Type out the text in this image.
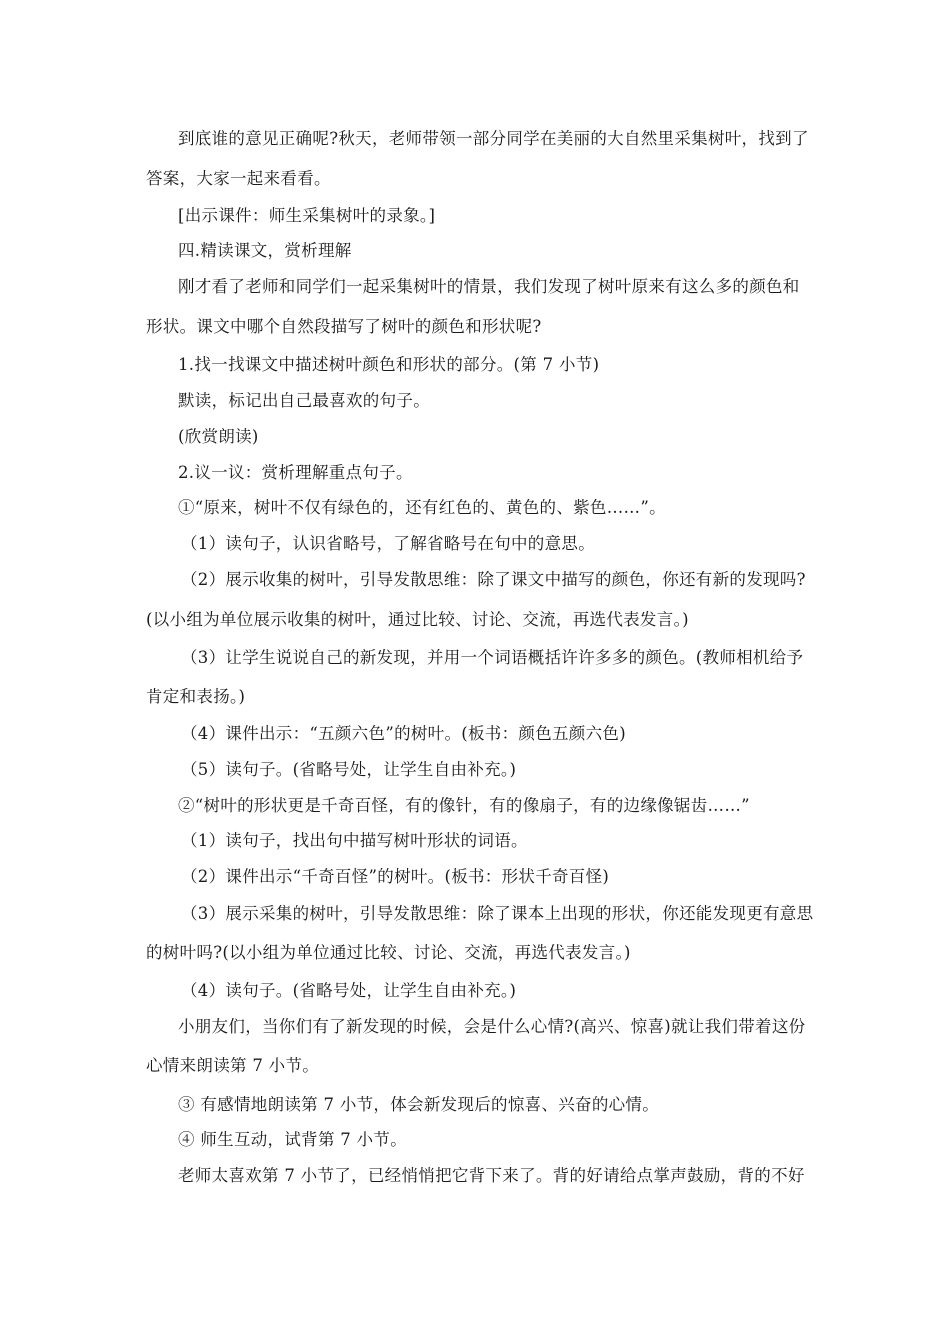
到底谁的意见正确呢?秋天，老师带领一部分同学在美丽的大自然里采集树叶，找到了
答案，大家一起来看看。
[出示课件：师生采集树叶的录象。]
四.精读课文，赏析理解
刚才看了老师和同学们一起采集树叶的情景，我们发现了树叶原来有这么多的颜色和
形状。课文中哪个自然段描写了树叶的颜色和形状呢?
1.找一找课文中描述树叶颜色和形状的部分。(第 7 小节)
默读，标记出自己最喜欢的句子。
(欣赏朗读)
2.议一议：赏析理解重点句子。
①“原来，树叶不仅有绿色的，还有红色的、黄色的、紫色……”。
（1）读句子，认识省略号，了解省略号在句中的意思。
（2）展示收集的树叶，引导发散思维：除了课文中描写的颜色，你还有新的发现吗?
(以小组为单位展示收集的树叶，通过比较、讨论、交流，再选代表发言。)
（3）让学生说说自己的新发现，并用一个词语概括许许多多的颜色。(教师相机给予
肯定和表扬。)
（4）课件出示：“五颜六色”的树叶。(板书：颜色五颜六色)
（5）读句子。(省略号处，让学生自由补充。)
②“树叶的形状更是千奇百怪，有的像针，有的像扇子，有的边缘像锯齿……”
（1）读句子，找出句中描写树叶形状的词语。
（2）课件出示“千奇百怪”的树叶。(板书：形状千奇百怪)
（3）展示采集的树叶，引导发散思维：除了课本上出现的形状，你还能发现更有意思
的树叶吗?(以小组为单位通过比较、讨论、交流，再选代表发言。)
（4）读句子。(省略号处，让学生自由补充。)
小朋友们，当你们有了新发现的时候，会是什么心情?(高兴、惊喜)就让我们带着这份
心情来朗读第 7 小节。
③ 有感情地朗读第 7 小节，体会新发现后的惊喜、兴奋的心情。
④ 师生互动，试背第 7 小节。
老师太喜欢第 7 小节了，已经悄悄把它背下来了。背的好请给点掌声鼓励，背的不好
